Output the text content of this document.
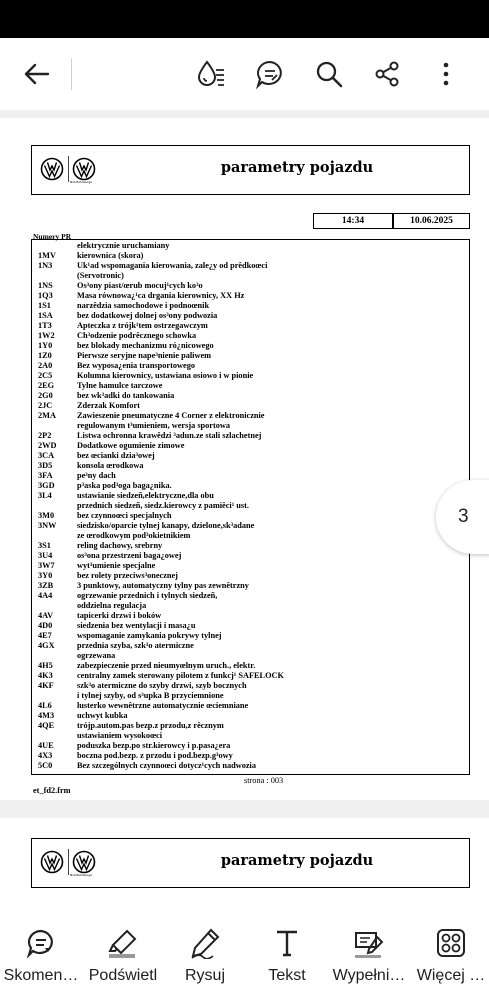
Nutzfahrzeuge
parametry pojazdu
14:34	10.06.2025
Numery PR
elektrycznie uruchamiany
1MV	kierownica (skora)
1N3	Uk¹ad wspomagania kierowania, zale¿y od prêdkoœci
(Servotronic)
1NS	Os³ony piast/œrub mocuj¹cych ko³o
1Q3	Masa równowa¿¹ca drgania kierownicy, XX Hz
1S1	narzêdzia samochodowe i podnoœnik
1SA	bez dodatkowej dolnej os³ony podwozia
1T3	Apteczka z trójk¹tem ostrzegawczym
1W2	Ch³odzenie podrêcznego schowka
1Y0	bez blokady mechanizmu ró¿nicowego
1Z0	Pierwsze seryjne nape³nienie paliwem
2A0	Bez wyposa¿enia transportowego
2C5	Kolumna kierownicy, ustawiana osiowo i w pionie
2EG	Tylne hamulce tarczowe
2G0	bez wk³adki do tankowania
2JC	Zderzak Komfort
2MA	Zawieszenie pneumatyczne 4 Corner z elektronicznie
regulowanym t³umieniem, wersja sportowa
2P2	Listwa ochronna krawêdzi ³adun.ze stali szlachetnej
2WD Dodatkowe ogumienie zimowe
3CA	bez œcianki dzia³owej
3D5	konsola œrodkowa
3FA	pe³ny dach
3GD	p³aska pod³oga baga¿nika.
3L4	ustawianie siedzeñ,elektryczne,dla obu
przednich siedzeñ, siedz.kierowcy z pamiêci¹ ust.
3M0	bez czynnoœci specjalnych
3NW siedzisko/oparcie tylnej kanapy, dzielone,sk³adane
ze œrodkowym pod³okietnikiem
3S1	reling dachowy, srebrny
3U4	os³ona przestrzeni baga¿owej
3W7	wyt³umienie specjalne
3Y0	bez rolety przeciws³onecznej
3ZB	3 punktowy, automatyczny tylny pas zewnêtrzny
4A4	ogrzewanie przednich i tylnych siedzeñ,
oddzielna regulacja
4AV	tapicerki drzwi i boków
4D0	siedzenia bez wentylacji i masa¿u
4E7	wspomaganie zamykania pokrywy tylnej
4GX	przednia szyba, szk³o atermiczne
ogrzewana
4H5	zabezpieczenie przed nieumyœlnym uruch., elektr.
4K3	centralny zamek sterowany pilotem z funkcj¹ SAFELOCK
4KF	szk³o atermiczne do szyby drzwi, szyb bocznych
i tylnej szyby, od s³upka B przyciemnione
4L6	lusterko wewnêtrzne automatycznie œciemniane
4M3	uchwyt kubka
4QE	trójp.autom.pas bezp.z przodu,z rêcznym
ustawianiem wysokoœci
4UE	poduszka bezp.po str.kierowcy i p.pasa¿era
4X3	boczna pod.bezp. z przodu i pod.bezp.g³owy
5C0	Bez szczególnych czynnoœci dotycz¹cych nadwozia
strona : 003
et_fd2.frm
Nutzfahrzeuge
parametry pojazdu
3
Skomen… Podświetl	Rysuj	Tekst	Wypełni… Więcej …
